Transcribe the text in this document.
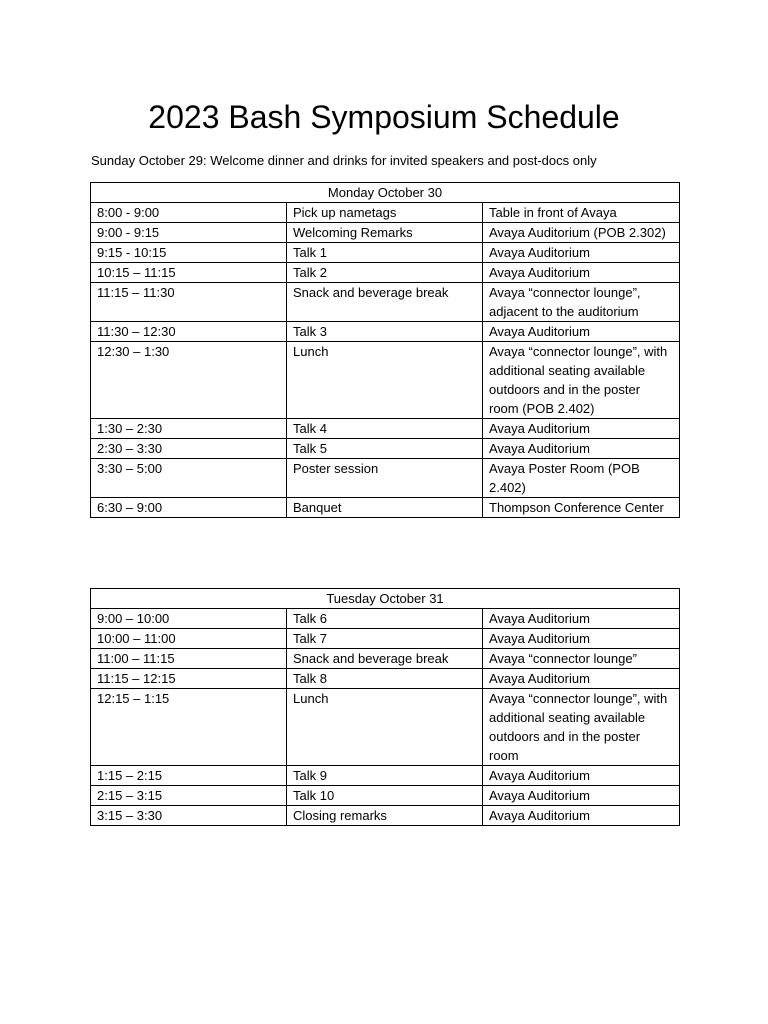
2023 Bash Symposium Schedule
Sunday October 29: Welcome dinner and drinks for invited speakers and post-docs only
Monday October 30		
8:00 - 9:00	Pick up nametags	Table in front of Avaya
9:00 - 9:15	Welcoming Remarks	Avaya Auditorium (POB 2.302)
9:15 - 10:15	Talk 1	Avaya Auditorium
10:15 – 11:15	Talk 2	Avaya Auditorium
11:15 – 11:30	Snack and beverage break	Avaya “connector lounge”, adjacent to the auditorium
11:30 – 12:30	Talk 3	Avaya Auditorium
12:30 – 1:30	Lunch	Avaya “connector lounge”, with additional seating available outdoors and in the poster room (POB 2.402)
1:30 – 2:30	Talk 4	Avaya Auditorium
2:30 – 3:30	Talk 5	Avaya Auditorium
3:30 – 5:00	Poster session	Avaya Poster Room (POB 2.402)
6:30 – 9:00	Banquet	Thompson Conference Center
Tuesday October 31		
9:00 – 10:00	Talk 6	Avaya Auditorium
10:00 – 11:00	Talk 7	Avaya Auditorium
11:00 – 11:15	Snack and beverage break	Avaya “connector lounge”
11:15 – 12:15	Talk 8	Avaya Auditorium
12:15 – 1:15	Lunch	Avaya “connector lounge”, with additional seating available outdoors and in the poster room
1:15 – 2:15	Talk 9	Avaya Auditorium
2:15 – 3:15	Talk 10	Avaya Auditorium
3:15 – 3:30	Closing remarks	Avaya Auditorium
